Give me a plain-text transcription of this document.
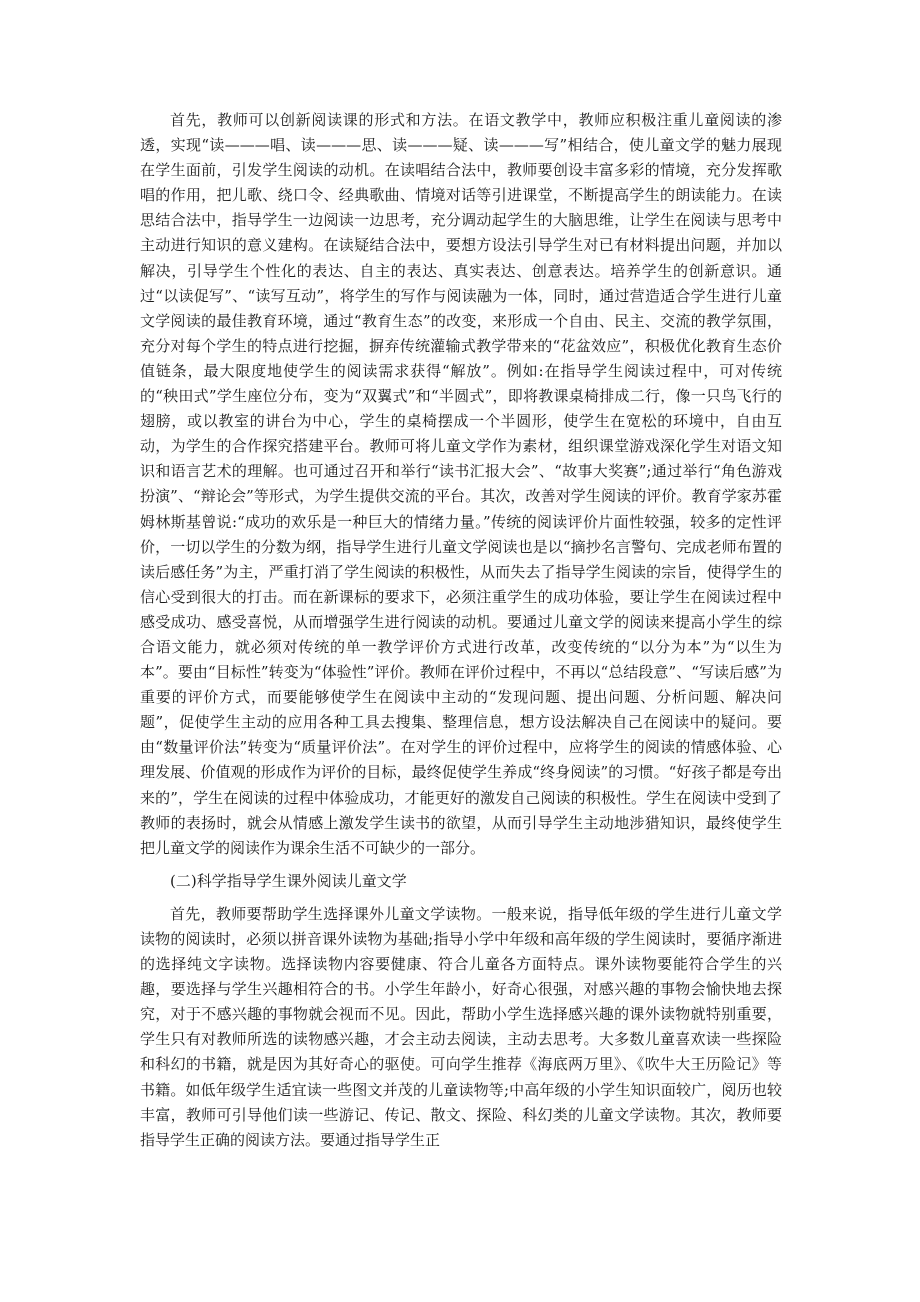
首先，教师可以创新阅读课的形式和方法。在语文教学中，教师应积极注重儿童阅读的渗透，实现“读———唱、读———思、读———疑、读———写”相结合，使儿童文学的魅力展现在学生面前，引发学生阅读的动机。在读唱结合法中，教师要创设丰富多彩的情境，充分发挥歌唱的作用，把儿歌、绕口令、经典歌曲、情境对话等引进课堂，不断提高学生的朗读能力。在读思结合法中，指导学生一边阅读一边思考，充分调动起学生的大脑思维，让学生在阅读与思考中主动进行知识的意义建构。在读疑结合法中，要想方设法引导学生对已有材料提出问题，并加以解决，引导学生个性化的表达、自主的表达、真实表达、创意表达。培养学生的创新意识。通过“以读促写”、“读写互动”，将学生的写作与阅读融为一体，同时，通过营造适合学生进行儿童文学阅读的最佳教育环境，通过“教育生态”的改变，来形成一个自由、民主、交流的教学氛围，充分对每个学生的特点进行挖掘，摒弃传统灌输式教学带来的“花盆效应”，积极优化教育生态价值链条，最大限度地使学生的阅读需求获得“解放”。例如:在指导学生阅读过程中，可对传统的“秧田式”学生座位分布，变为“双翼式”和“半圆式”，即将教课桌椅排成二行，像一只鸟飞行的翅膀，或以教室的讲台为中心，学生的桌椅摆成一个半圆形，使学生在宽松的环境中，自由互动，为学生的合作探究搭建平台。教师可将儿童文学作为素材，组织课堂游戏深化学生对语文知识和语言艺术的理解。也可通过召开和举行“读书汇报大会”、“故事大奖赛”;通过举行“角色游戏扮演”、“辩论会”等形式，为学生提供交流的平台。其次，改善对学生阅读的评价。教育学家苏霍姆林斯基曾说:“成功的欢乐是一种巨大的情绪力量。”传统的阅读评价片面性较强，较多的定性评价，一切以学生的分数为纲，指导学生进行儿童文学阅读也是以“摘抄名言警句、完成老师布置的读后感任务”为主，严重打消了学生阅读的积极性，从而失去了指导学生阅读的宗旨，使得学生的信心受到很大的打击。而在新课标的要求下，必须注重学生的成功体验，要让学生在阅读过程中感受成功、感受喜悦，从而增强学生进行阅读的动机。要通过儿童文学的阅读来提高小学生的综合语文能力，就必须对传统的单一教学评价方式进行改革，改变传统的“以分为本”为“以生为本”。要由“目标性”转变为“体验性”评价。教师在评价过程中，不再以“总结段意”、“写读后感”为重要的评价方式，而要能够使学生在阅读中主动的“发现问题、提出问题、分析问题、解决问题”，促使学生主动的应用各种工具去搜集、整理信息，想方设法解决自己在阅读中的疑问。要由“数量评价法”转变为“质量评价法”。在对学生的评价过程中，应将学生的阅读的情感体验、心理发展、价值观的形成作为评价的目标，最终促使学生养成“终身阅读”的习惯。“好孩子都是夸出来的”，学生在阅读的过程中体验成功，才能更好的激发自己阅读的积极性。学生在阅读中受到了教师的表扬时，就会从情感上激发学生读书的欲望，从而引导学生主动地涉猎知识，最终使学生把儿童文学的阅读作为课余生活不可缺少的一部分。

(二)科学指导学生课外阅读儿童文学

首先，教师要帮助学生选择课外儿童文学读物。一般来说，指导低年级的学生进行儿童文学读物的阅读时，必须以拼音课外读物为基础;指导小学中年级和高年级的学生阅读时，要循序渐进的选择纯文字读物。选择读物内容要健康、符合儿童各方面特点。课外读物要能符合学生的兴趣，要选择与学生兴趣相符合的书。小学生年龄小，好奇心很强，对感兴趣的事物会愉快地去探究，对于不感兴趣的事物就会视而不见。因此，帮助小学生选择感兴趣的课外读物就特别重要，学生只有对教师所选的读物感兴趣，才会主动去阅读，主动去思考。大多数儿童喜欢读一些探险和科幻的书籍，就是因为其好奇心的驱使。可向学生推荐《海底两万里》、《吹牛大王历险记》等书籍。如低年级学生适宜读一些图文并茂的儿童读物等;中高年级的小学生知识面较广，阅历也较丰富，教师可引导他们读一些游记、传记、散文、探险、科幻类的儿童文学读物。其次，教师要指导学生正确的阅读方法。要通过指导学生正
